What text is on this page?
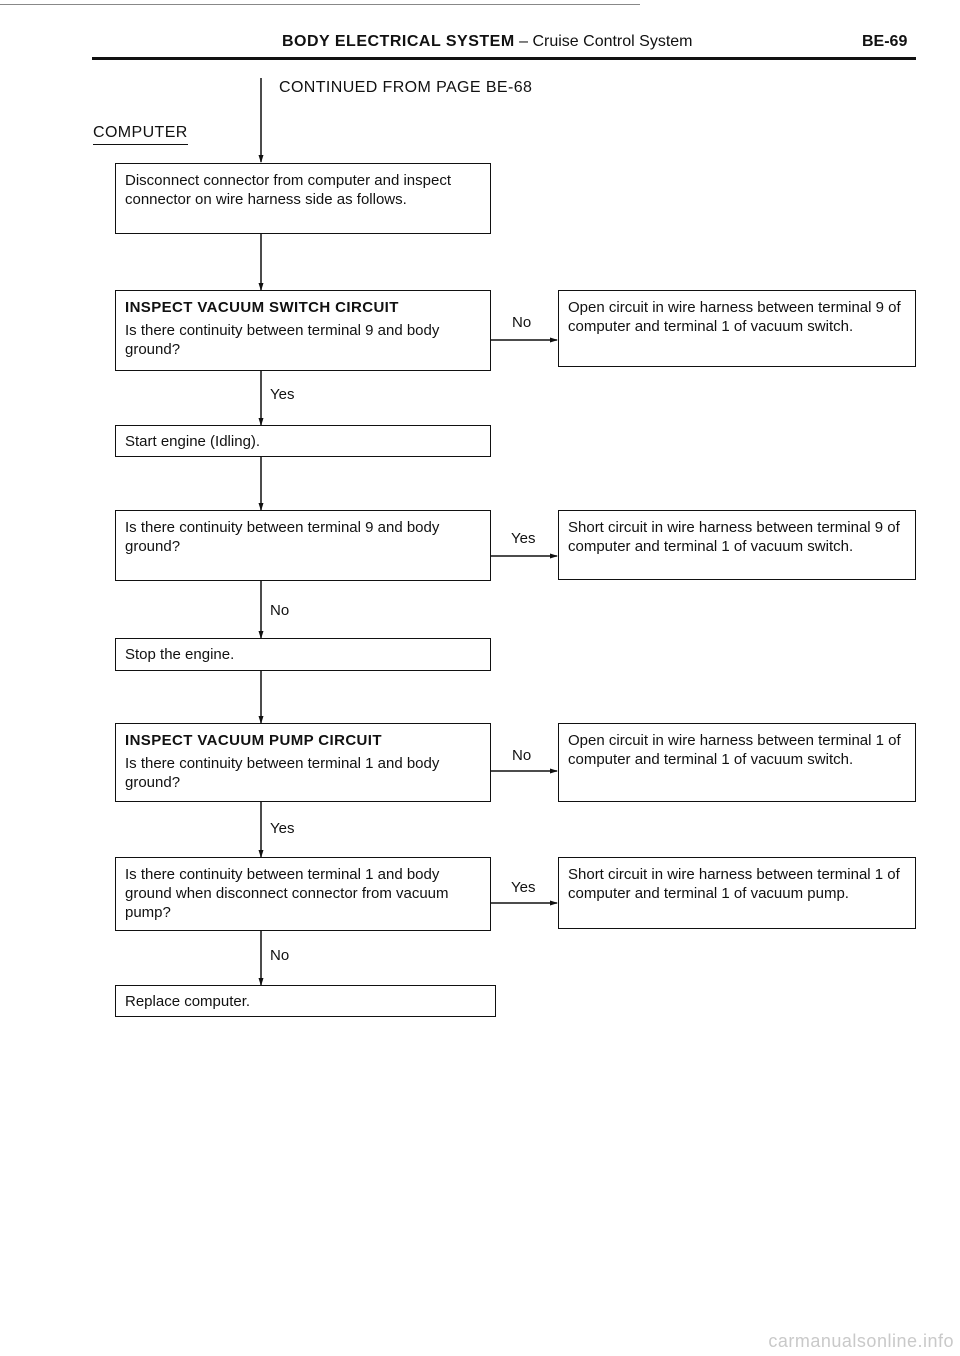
BODY ELECTRICAL SYSTEM – Cruise Control System	BE-69
CONTINUED FROM PAGE BE-68
COMPUTER
Disconnect connector from computer and inspect connector on wire harness side as follows.
INSPECT VACUUM SWITCH CIRCUIT
Is there continuity between terminal 9 and body ground?
Start engine (Idling).
Is there continuity between terminal 9 and body ground?
Stop the engine.
INSPECT VACUUM PUMP CIRCUIT
Is there continuity between terminal 1 and body ground?
Is there continuity between terminal 1 and body ground when disconnect connector from vacuum pump?
Replace computer.
Open circuit in wire harness between terminal 9 of computer and terminal 1 of vacuum switch.
Short circuit in wire harness between terminal 9 of computer and terminal 1 of vacuum switch.
Open circuit in wire harness between terminal 1 of computer and terminal 1 of vacuum switch.
Short circuit in wire harness between terminal 1 of computer and terminal 1 of vacuum pump.
No
Yes
Yes
No
No
Yes
Yes
No
carmanualsonline.info
